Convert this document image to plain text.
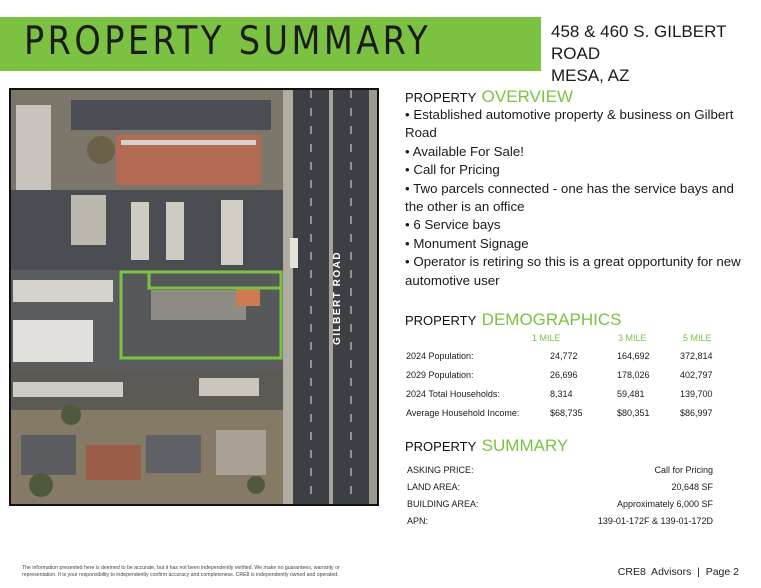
PROPERTY SUMMARY	458 & 460 S. GILBERT ROAD
MESA, AZ
GILBERT ROAD
PROPERTY OVERVIEW
• Established automotive property & business on Gilbert Road
• Available For Sale!
• Call for Pricing
• Two parcels connected - one has the service bays and the other is an office
• 6 Service bays
• Monument Signage
• Operator is retiring so this is a great opportunity for new automotive user
PROPERTY DEMOGRAPHICS
1 MILE	3 MILE	5 MILE
2024 Population:	24,772	164,692	372,814
2029 Population:	26,696	178,026	402,797
2024 Total Households:	8,314	59,481	139,700
Average Household Income:	$68,735	$80,351	$86,997
PROPERTY SUMMARY
ASKING PRICE:	Call for Pricing
LAND AREA:	20,648 SF
BUILDING AREA:	Approximately 6,000 SF
APN:	139-01-172F & 139-01-172D
The information presented here is deemed to be accurate, but it has not been independently verified. We make no guarantees, warranty or representation. It is your responsibility to independently confirm accuracy and completeness. CRE8 is independently owned and operated.	CRE8  Advisors  |  Page 2
